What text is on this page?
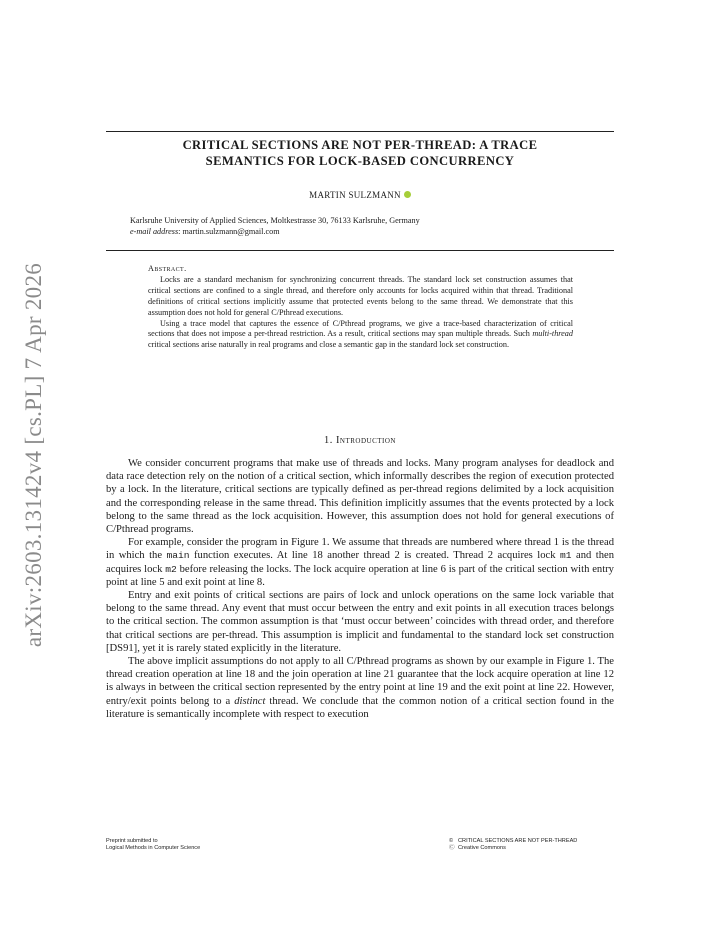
arXiv:2603.13142v4 [cs.PL] 7 Apr 2026
CRITICAL SECTIONS ARE NOT PER-THREAD: A TRACE
SEMANTICS FOR LOCK-BASED CONCURRENCY
MARTIN SULZMANN
Karlsruhe University of Applied Sciences, Moltkestrasse 30, 76133 Karlsruhe, Germany
e-mail address: martin.sulzmann@gmail.com
Abstract.

Locks are a standard mechanism for synchronizing concurrent threads. The standard lock set construction assumes that critical sections are confined to a single thread, and therefore only accounts for locks acquired within that thread. Traditional definitions of critical sections implicitly assume that protected events belong to the same thread. We demonstrate that this assumption does not hold for general C/Pthread executions.

Using a trace model that captures the essence of C/Pthread programs, we give a trace-based characterization of critical sections that does not impose a per-thread restriction. As a result, critical sections may span multiple threads. Such multi-thread critical sections arise naturally in real programs and close a semantic gap in the standard lock set construction.

1. Introduction

We consider concurrent programs that make use of threads and locks. Many program analyses for deadlock and data race detection rely on the notion of a critical section, which informally describes the region of execution protected by a lock. In the literature, critical sections are typically defined as per-thread regions delimited by a lock acquisition and the corresponding release in the same thread. This definition implicitly assumes that the events protected by a lock belong to the same thread as the lock acquisition. However, this assumption does not hold for general executions of C/Pthread programs.

For example, consider the program in Figure 1. We assume that threads are numbered where thread 1 is the thread in which the main function executes. At line 18 another thread 2 is created. Thread 2 acquires lock m1 and then acquires lock m2 before releasing the locks. The lock acquire operation at line 6 is part of the critical section with entry point at line 5 and exit point at line 8.

Entry and exit points of critical sections are pairs of lock and unlock operations on the same lock variable that belong to the same thread. Any event that must occur between the entry and exit points in all execution traces belongs to the critical section. The common assumption is that ‘must occur between’ coincides with thread order, and therefore that critical sections are per-thread. This assumption is implicit and fundamental to the standard lock set construction [DS91], yet it is rarely stated explicitly in the literature.

The above implicit assumptions do not apply to all C/Pthread programs as shown by our example in Figure 1. The thread creation operation at line 18 and the join operation at line 21 guarantee that the lock acquire operation at line 12 is always in between the critical section represented by the entry point at line 19 and the exit point at line 22. However, entry/exit points belong to a distinct thread. We conclude that the common notion of a critical section found in the literature is semantically incomplete with respect to execution

Preprint submitted to
Logical Methods in Computer Science
© CRITICAL SECTIONS ARE NOT PER-THREAD
Ⓒ Creative Commons
